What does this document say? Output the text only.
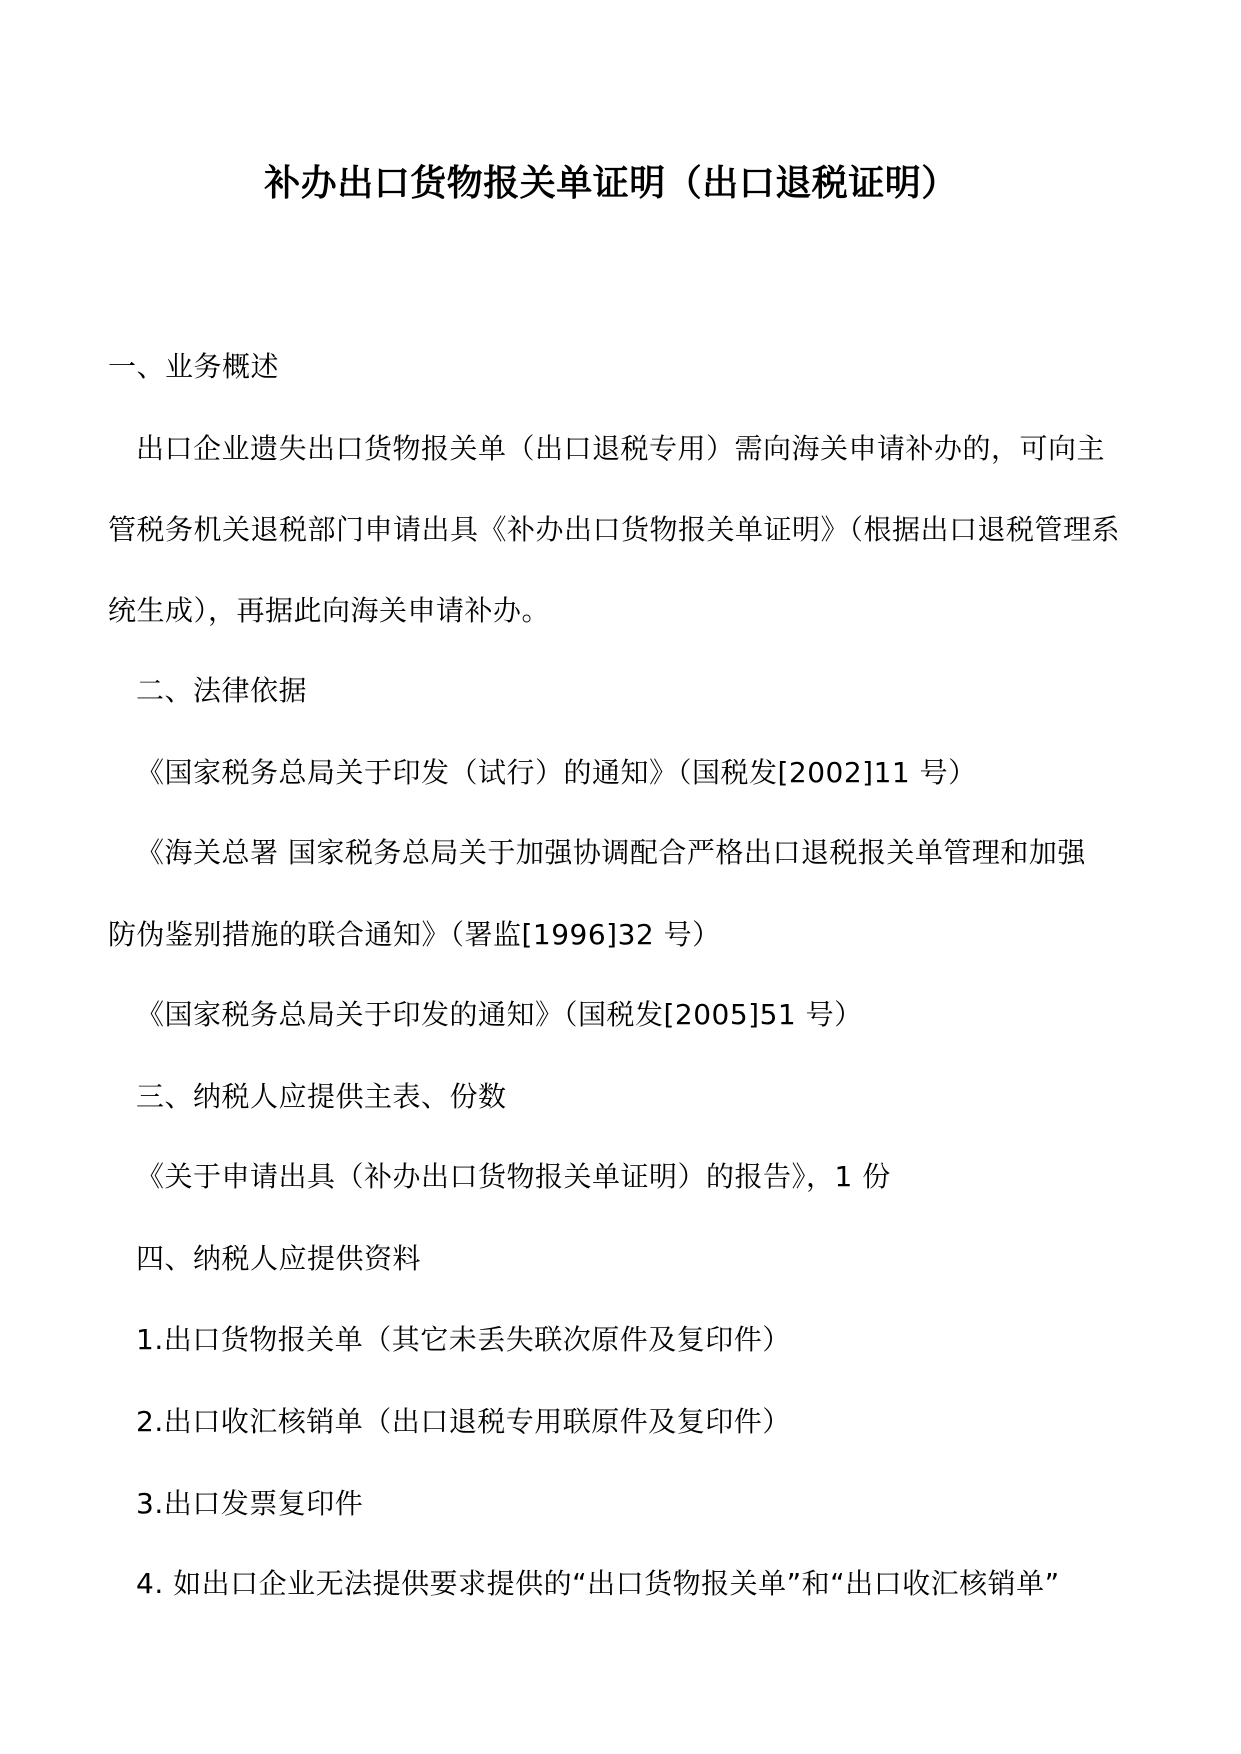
补办出口货物报关单证明（出口退税证明）
一、业务概述
出口企业遗失出口货物报关单（出口退税专用）需向海关申请补办的，可向主
管税务机关退税部门申请出具《补办出口货物报关单证明》（根据出口退税管理系
统生成），再据此向海关申请补办。
二、法律依据
《国家税务总局关于印发（试行）的通知》（国税发[2002]11 号）
《海关总署 国家税务总局关于加强协调配合严格出口退税报关单管理和加强
防伪鉴别措施的联合通知》（署监[1996]32 号）
《国家税务总局关于印发的通知》（国税发[2005]51 号）
三、纳税人应提供主表、份数
《关于申请出具（补办出口货物报关单证明）的报告》，1 份
四、纳税人应提供资料
1.出口货物报关单（其它未丢失联次原件及复印件）
2.出口收汇核销单（出口退税专用联原件及复印件）
3.出口发票复印件
4. 如出口企业无法提供要求提供的“出口货物报关单”和“出口收汇核销单”
